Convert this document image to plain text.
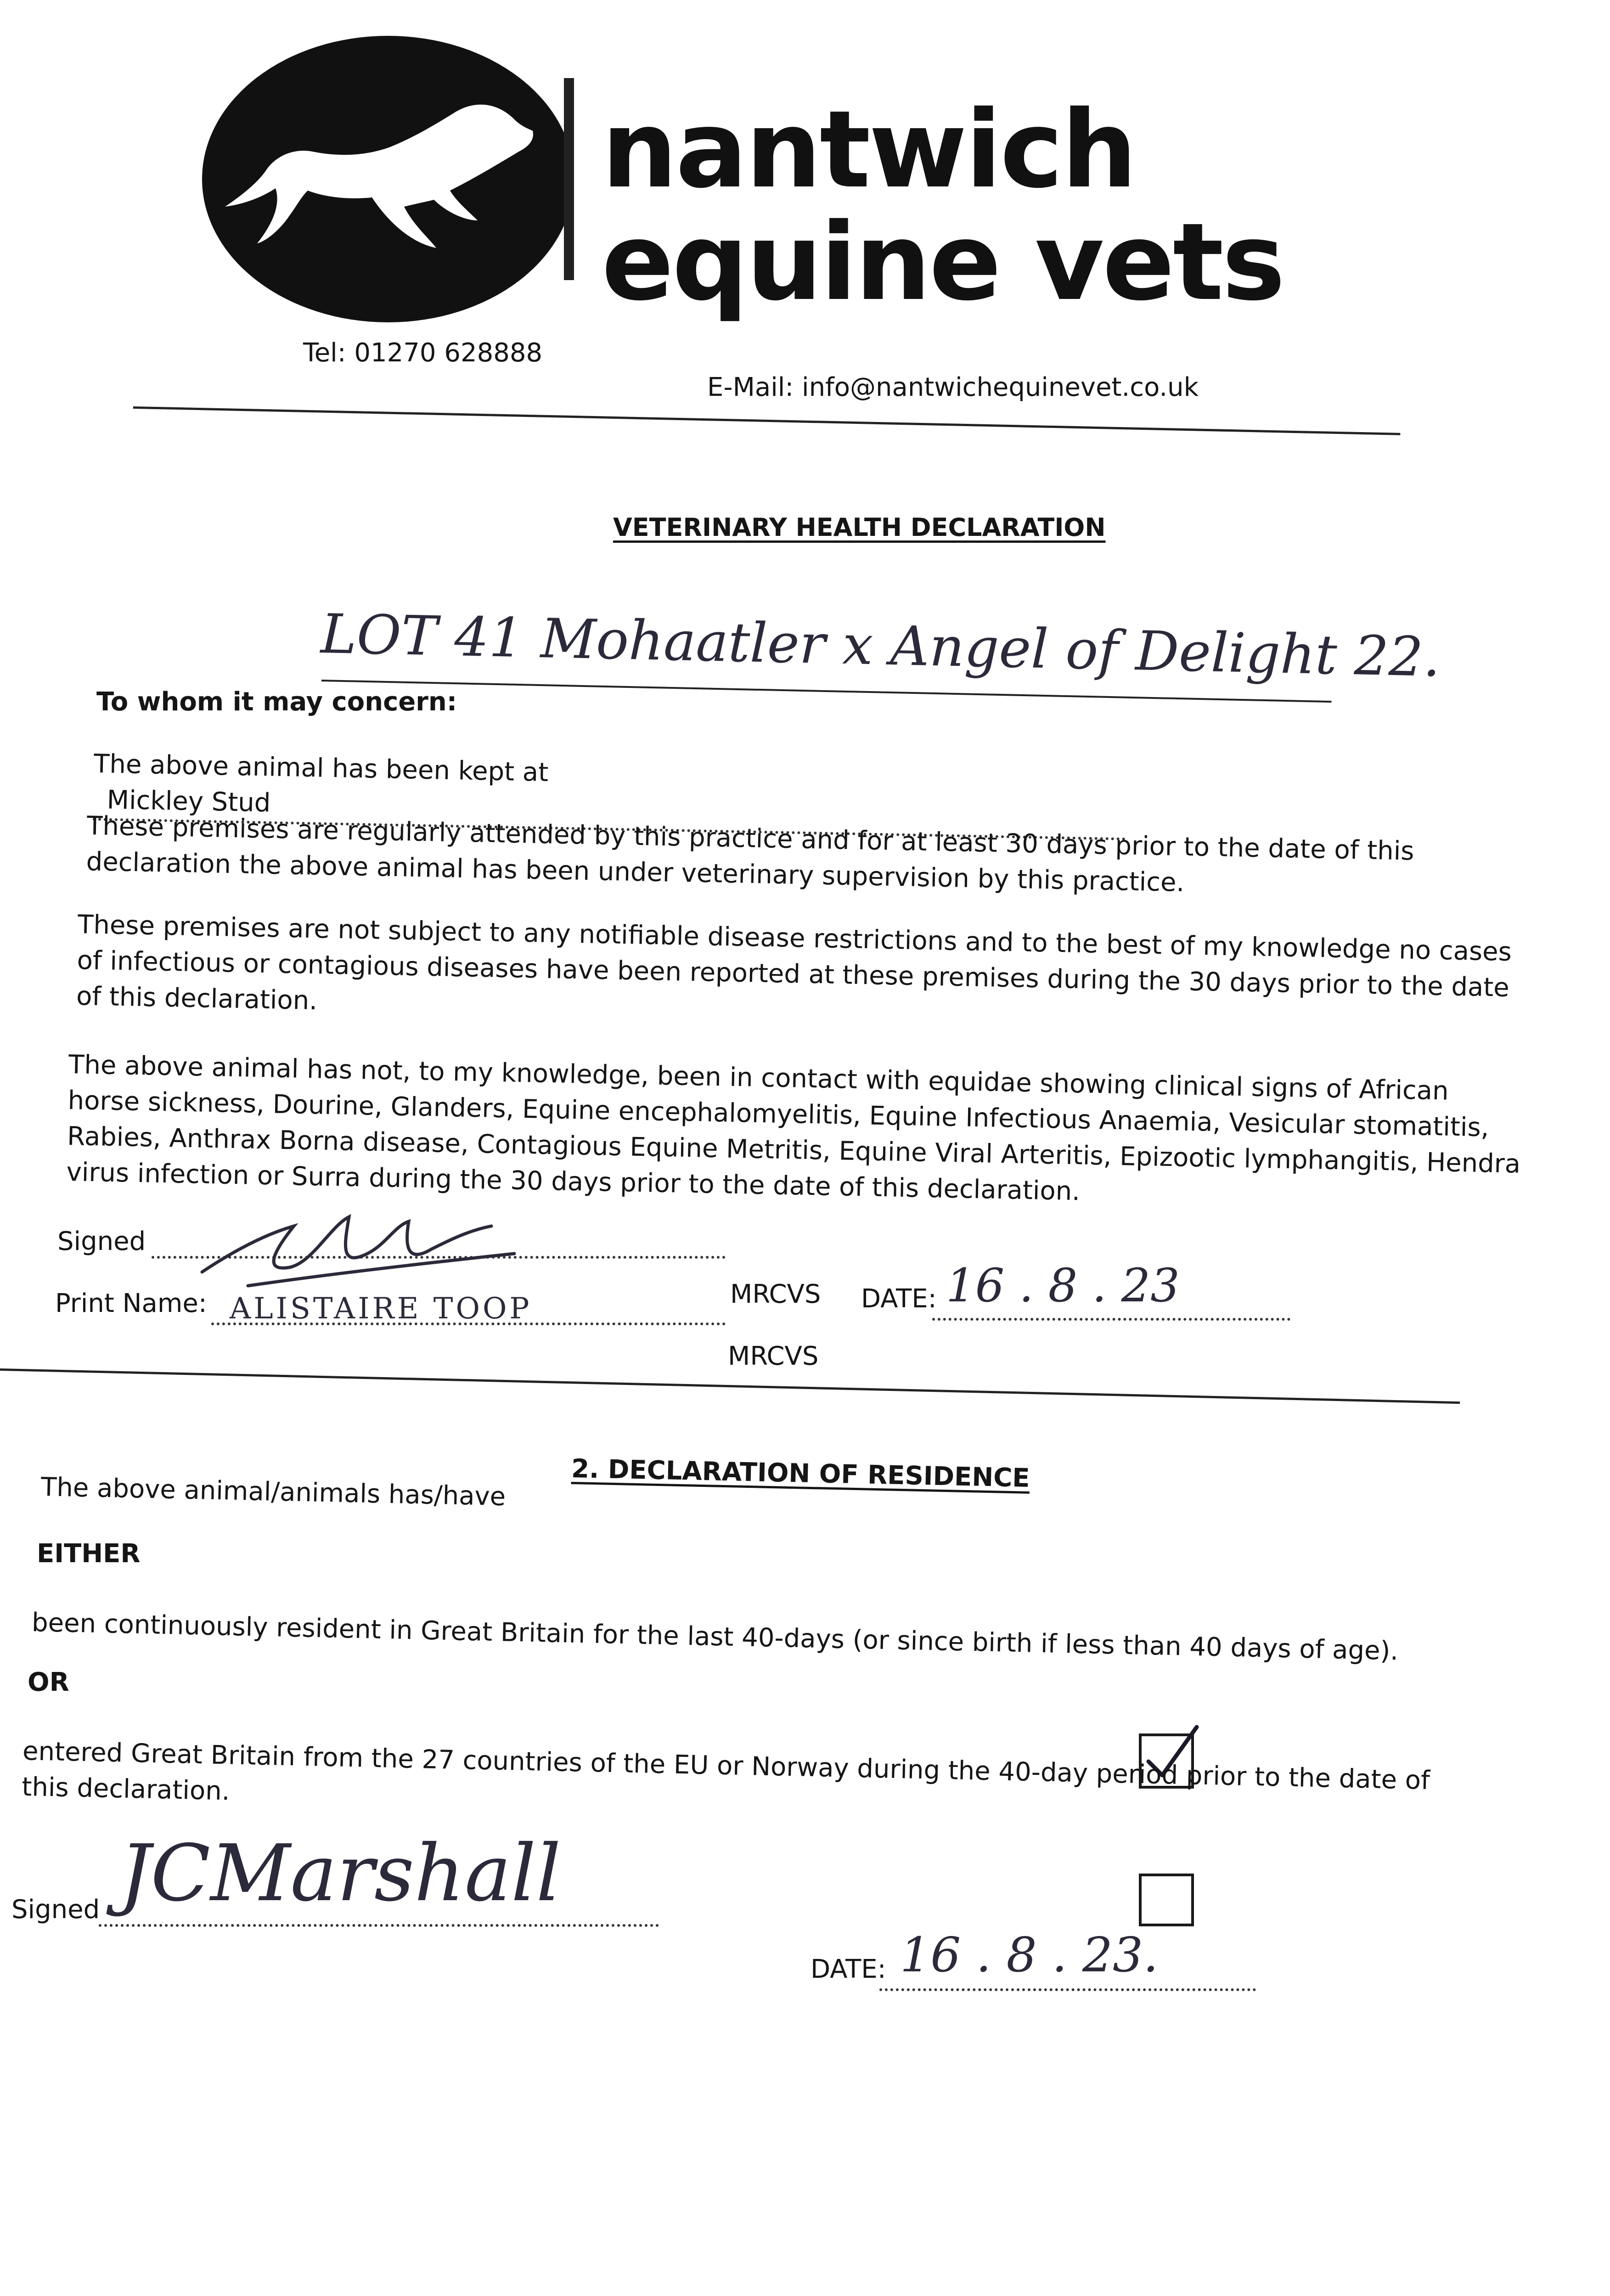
nantwich
equine vets
Tel: 01270 628888
E-Mail: info@nantwichequinevet.co.uk
VETERINARY HEALTH DECLARATION
LOT 41 Mohaatler x Angel of Delight 22.
To whom it may concern:
The above animal has been kept at Mickley Stud
These premises are regularly attended by this practice and for at least 30 days prior to the date of this declaration the above animal has been under veterinary supervision by this practice.
These premises are not subject to any notifiable disease restrictions and to the best of my knowledge no cases of infectious or contagious diseases have been reported at these premises during the 30 days prior to the date of this declaration.
The above animal has not, to my knowledge, been in contact with equidae showing clinical signs of African horse sickness, Dourine, Glanders, Equine encephalomyelitis, Equine Infectious Anaemia, Vesicular stomatitis, Rabies, Anthrax Borna disease, Contagious Equine Metritis, Equine Viral Arteritis, Epizootic lymphangitis, Hendra virus infection or Surra during the 30 days prior to the date of this declaration.
Signed
MRCVS DATE: 16 . 8 . 23
Print Name: ALISTAIRE TOOP
MRCVS
2. DECLARATION OF RESIDENCE
The above animal/animals has/have
EITHER
been continuously resident in Great Britain for the last 40-days (or since birth if less than 40 days of age).
OR
entered Great Britain from the 27 countries of the EU or Norway during the 40-day period prior to the date of this declaration.
Signed JCMarshall
DATE: 16 . 8 . 23.
